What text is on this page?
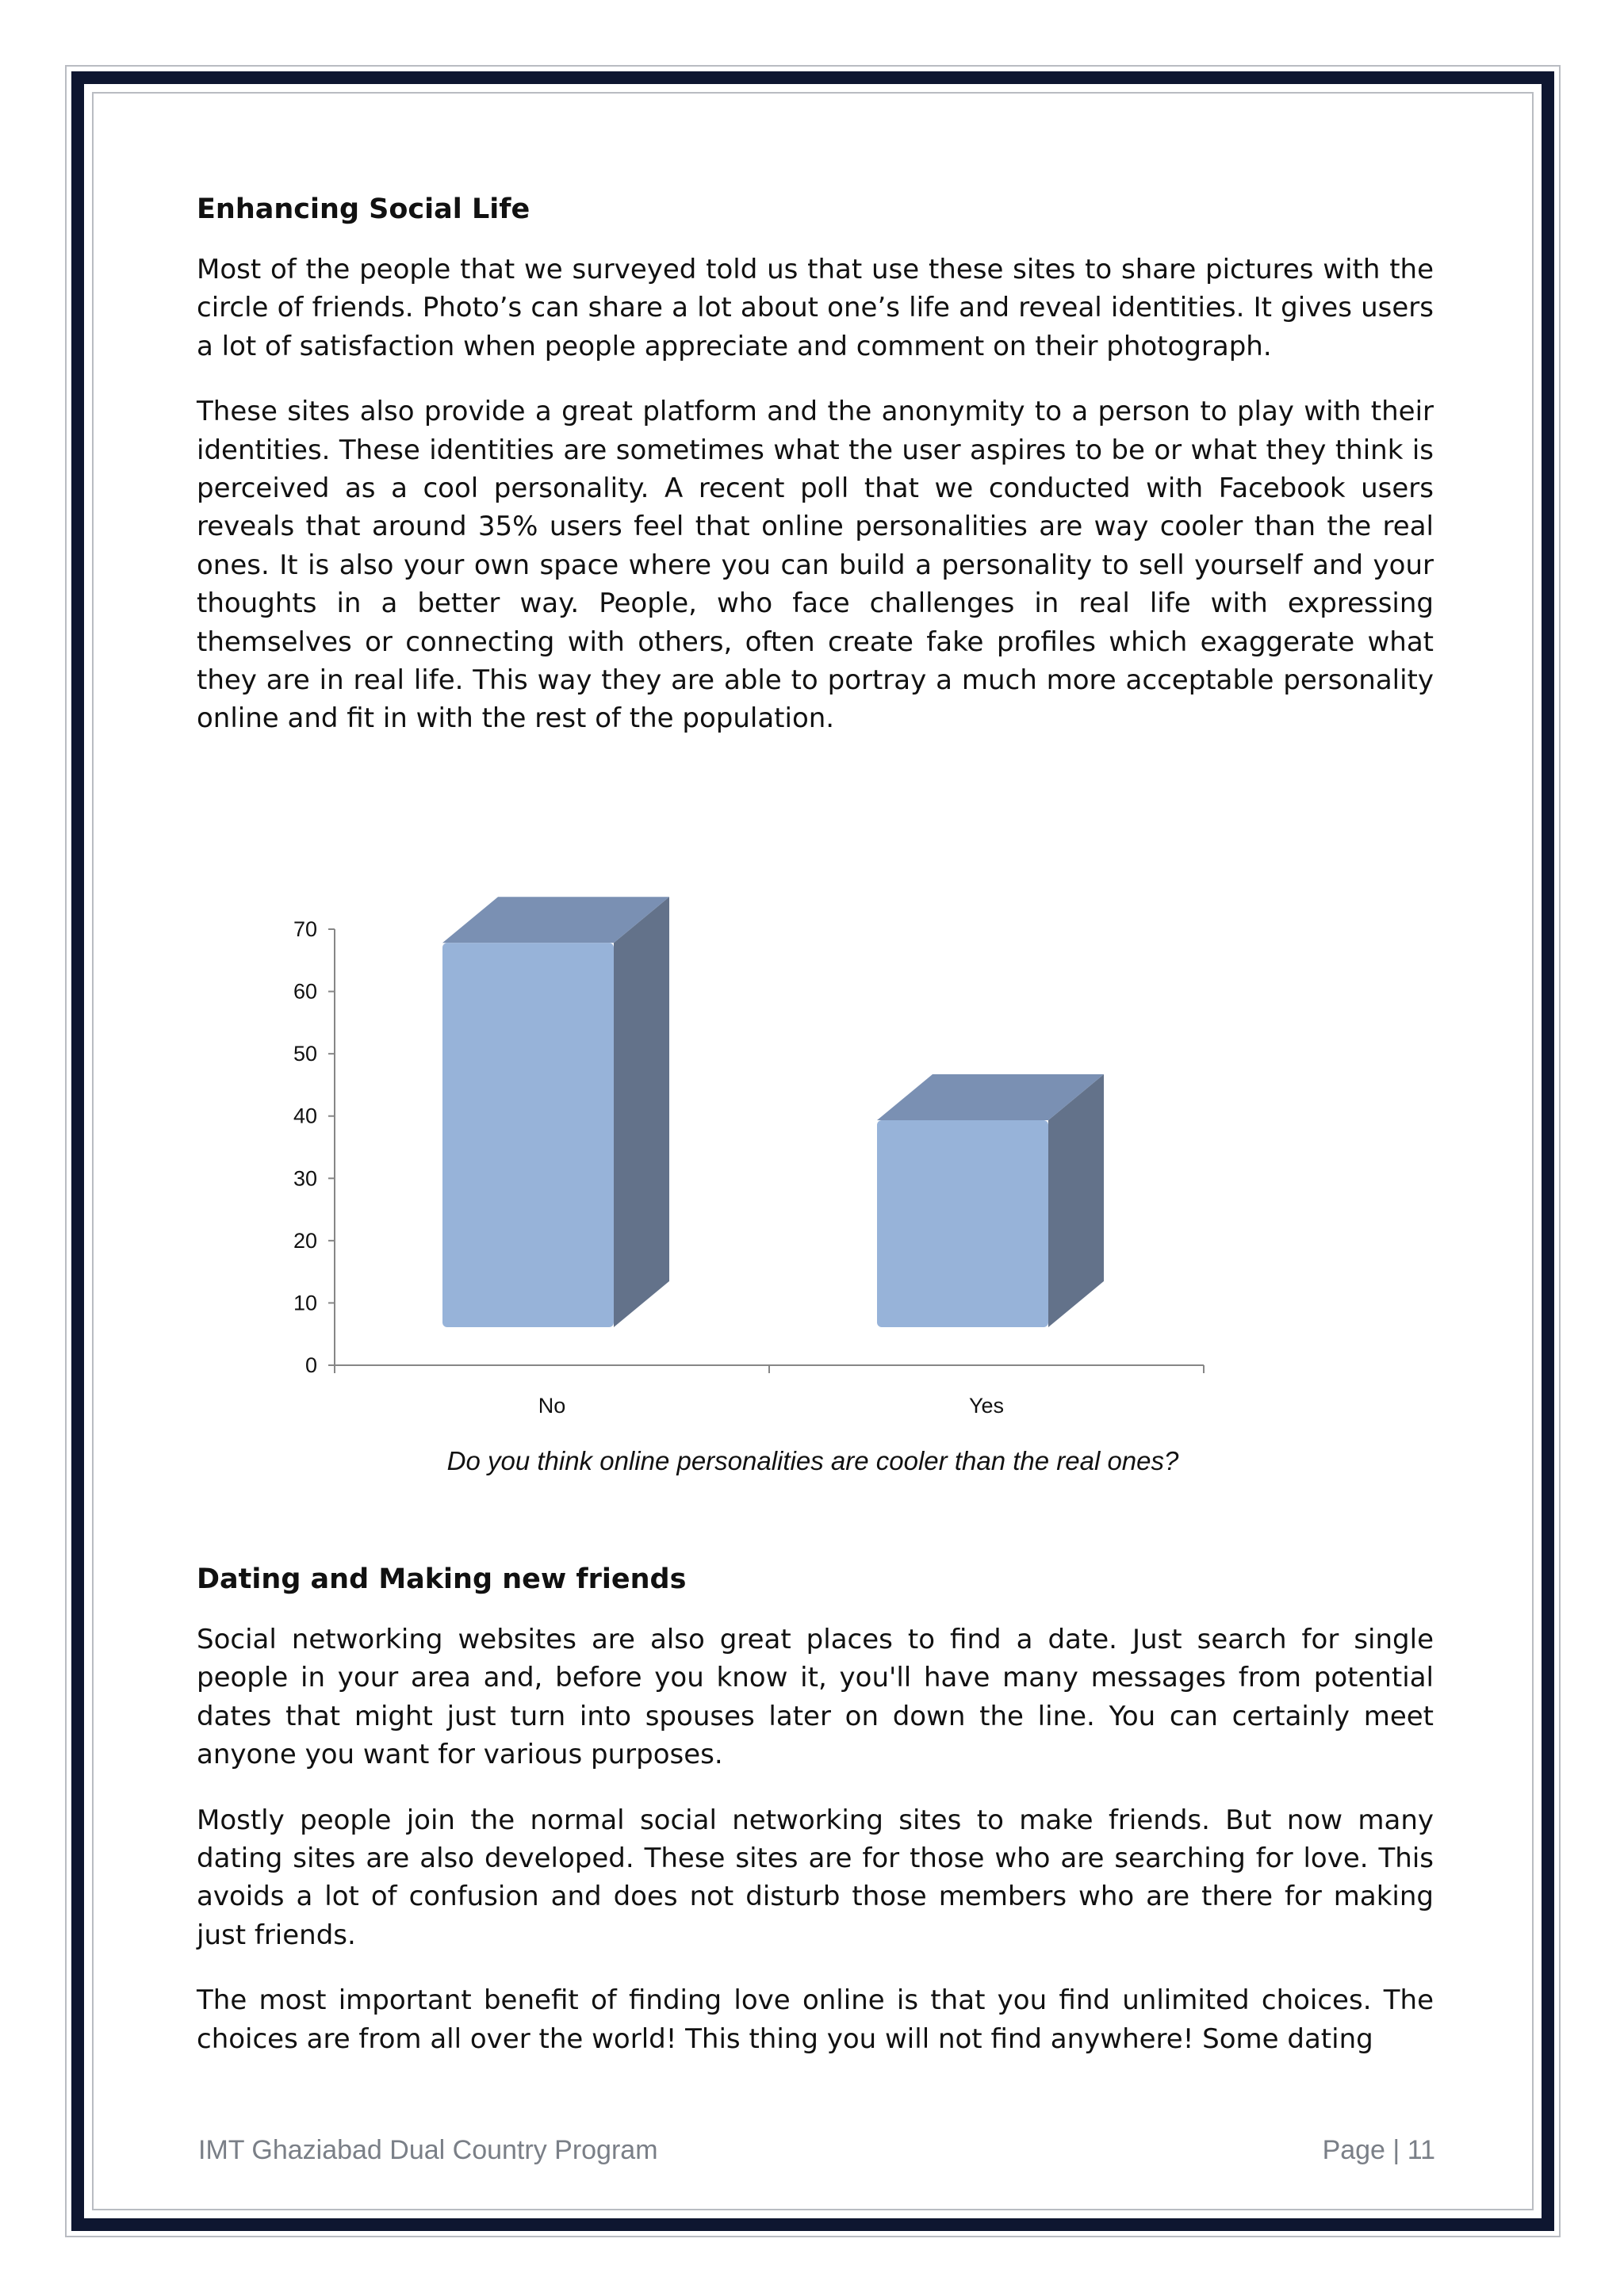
Enhancing Social Life

Most of the people that we surveyed told us that use these sites to share pictures with the circle of friends. Photo’s can share a lot about one’s life and reveal identities. It gives users a lot of satisfaction when people appreciate and comment on their photograph.

These sites also provide a great platform and the anonymity to a person to play with their identities. These identities are sometimes what the user aspires to be or what they think is perceived as a cool personality. A recent poll that we conducted with Facebook users reveals that around 35% users feel that online personalities are way cooler than the real ones. It is also your own space where you can build a personality to sell yourself and your thoughts in a better way. People, who face challenges in real life with expressing themselves or connecting with others, often create fake profiles which exaggerate what they are in real life. This way they are able to portray a much more acceptable personality online and fit in with the rest of the population.

0
10
20
30
40
50
60
70
No	Yes
Do you think online personalities are cooler than the real ones?
Dating and Making new friends

Social networking websites are also great places to find a date. Just search for single people in your area and, before you know it, you'll have many messages from potential dates that might just turn into spouses later on down the line. You can certainly meet anyone you want for various purposes.

Mostly people join the normal social networking sites to make friends. But now many dating sites are also developed. These sites are for those who are searching for love. This avoids a lot of confusion and does not disturb those members who are there for making just friends.

The most important benefit of finding love online is that you find unlimited choices. The choices are from all over the world! This thing you will not find anywhere! Some dating

IMT Ghaziabad Dual Country Program	Page | 11
